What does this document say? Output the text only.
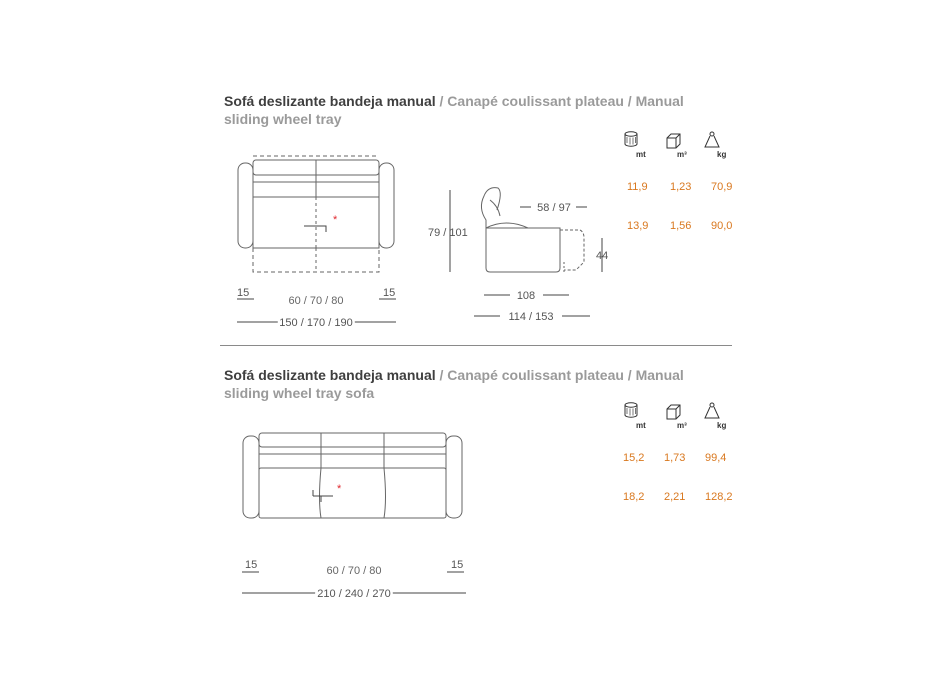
Sofá deslizante bandeja manual / Canapé coulissant plateau / Manual sliding wheel tray
Sofá deslizante bandeja manual / Canapé coulissant plateau / Manual sliding wheel tray sofa
*
15	15
60 / 70 / 80
150 / 170 / 190
79 / 101
58 / 97
44
108
114 / 153
mt	m³	kg
11,9 1,23 70,9
13,9 1,56 90,0
*
15	15
60 / 70 / 80
210 / 240 / 270
mt	m³	kg
15,2 1,73 99,4
18,2 2,21 128,2
